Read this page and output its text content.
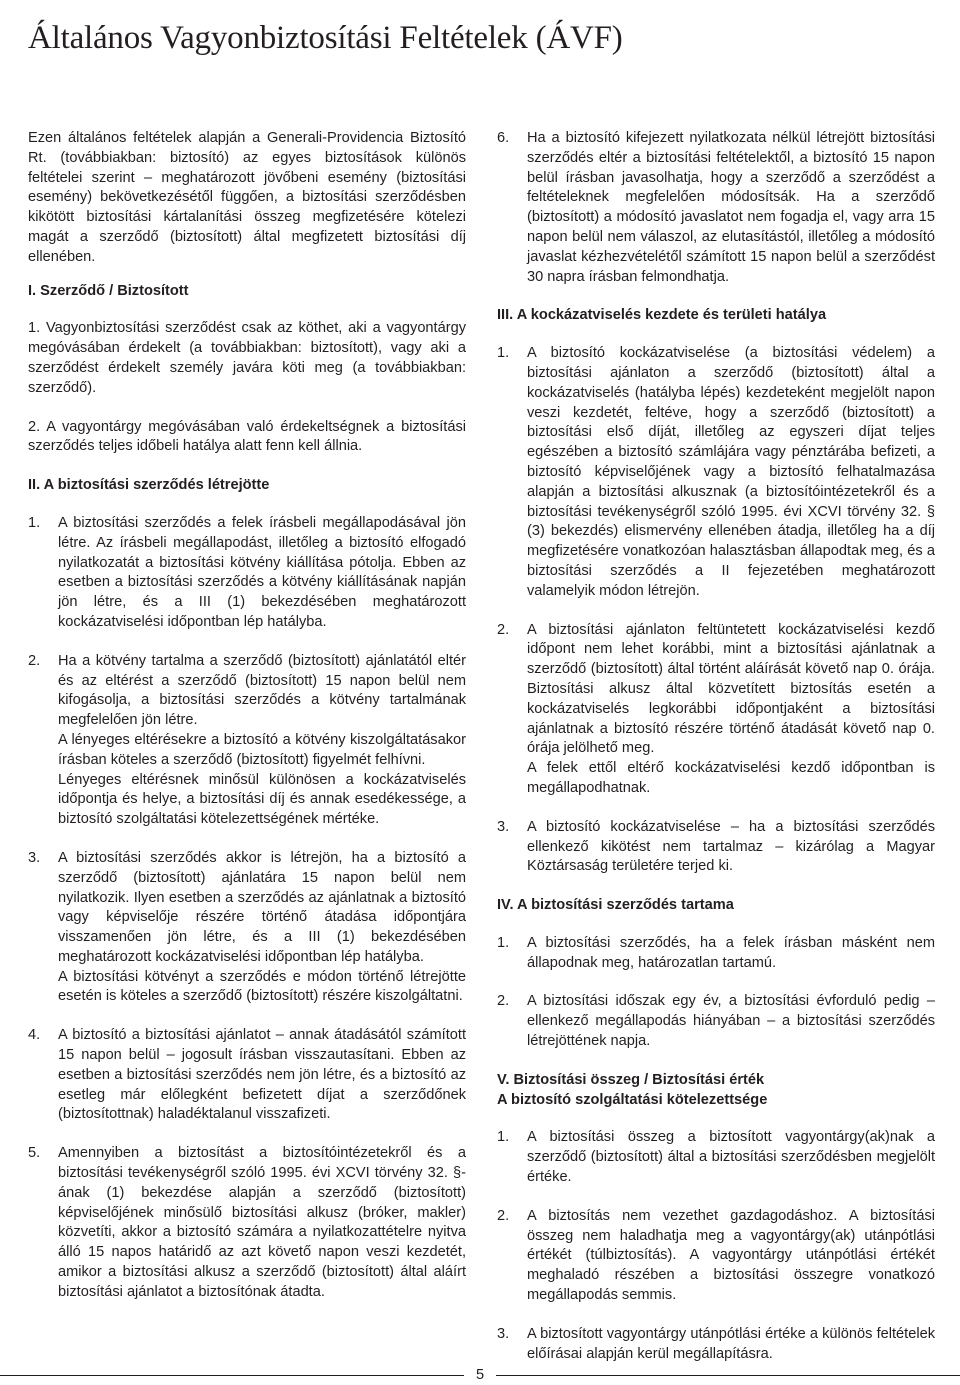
Általános Vagyonbiztosítási Feltételek (ÁVF)

Ezen általános feltételek alapján a Generali-Providencia Biztosító Rt. (továbbiakban: biztosító) az egyes biztosítások különös feltételei szerint – meghatározott jövőbeni esemény (biztosítási esemény) bekövetkezésétől függően, a biztosítási szerződésben kikötött biztosítási kártalanítási összeg megfizetésére kötelezi magát a szerződő (biztosított) által megfizetett biztosítási díj ellenében.

I. Szerződő / Biztosított

1. Vagyonbiztosítási szerződést csak az köthet, aki a vagyontárgy megóvásában érdekelt (a továbbiakban: biztosított), vagy aki a szerződést érdekelt személy javára köti meg (a továbbiakban: szerződő).

2. A vagyontárgy megóvásában való érdekeltségnek a biztosítási szerződés teljes időbeli hatálya alatt fenn kell állnia.

II. A biztosítási szerződés létrejötte
1.	A biztosítási szerződés a felek írásbeli megállapodásával jön létre. Az írásbeli megállapodást, illetőleg a biztosító elfogadó nyilatkozatát a biztosítási kötvény kiállítása pótolja. Ebben az esetben a biztosítási szerződés a kötvény kiállításának napján jön létre, és a III (1) bekezdésében meghatározott kockázatviselési időpontban lép hatályba.

2.	Ha a kötvény tartalma a szerződő (biztosított) ajánlatától eltér és az eltérést a szerződő (biztosított) 15 napon belül nem kifogásolja, a biztosítási szerződés a kötvény tartalmának megfelelően jön létre.

A lényeges eltérésekre a biztosító a kötvény kiszolgáltatásakor írásban köteles a szerződő (biztosított) figyelmét felhívni.

Lényeges eltérésnek minősül különösen a kockázatviselés időpontja és helye, a biztosítási díj és annak esedékessége, a biztosító szolgáltatási kötelezettségének mértéke.

3.	A biztosítási szerződés akkor is létrejön, ha a biztosító a szerződő (biztosított) ajánlatára 15 napon belül nem nyilatkozik. Ilyen esetben a szerződés az ajánlatnak a biztosító vagy képviselője részére történő átadása időpontjára visszamenően jön létre, és a III (1) bekezdésében meghatározott kockázatviselési időpontban lép hatályba.

A biztosítási kötvényt a szerződés e módon történő létrejötte esetén is köteles a szerződő (biztosított) részére kiszolgáltatni.

4.	A biztosító a biztosítási ajánlatot – annak átadásától számított 15 napon belül – jogosult írásban visszautasítani. Ebben az esetben a biztosítási szerződés nem jön létre, és a biztosító az esetleg már előlegként befizetett díjat a szerződőnek (biztosítottnak) haladéktalanul visszafizeti.

5.	Amennyiben a biztosítást a biztosítóintézetekről és a biztosítási tevékenységről szóló 1995. évi XCVI törvény 32. §-ának (1) bekezdése alapján a szerződő (biztosított) képviselőjének minősülő biztosítási alkusz (bróker, makler) közvetíti, akkor a biztosító számára a nyilatkozattételre nyitva álló 15 napos határidő az azt követő napon veszi kezdetét, amikor a biztosítási alkusz a szerződő (biztosított) által aláírt biztosítási ajánlatot a biztosítónak átadta.

6.	Ha a biztosító kifejezett nyilatkozata nélkül létrejött biztosítási szerződés eltér a biztosítási feltételektől, a biztosító 15 napon belül írásban javasolhatja, hogy a szerződő a szerződést a feltételeknek megfelelően módosítsák. Ha a szerződő (biztosított) a módosító javaslatot nem fogadja el, vagy arra 15 napon belül nem válaszol, az elutasítástól, illetőleg a módosító javaslat kézhezvételétől számított 15 napon belül a szerződést 30 napra írásban felmondhatja.

III. A kockázatviselés kezdete és területi hatálya
1.	A biztosító kockázatviselése (a biztosítási védelem) a biztosítási ajánlaton a szerződő (biztosított) által a kockázatviselés (hatályba lépés) kezdeteként megjelölt napon veszi kezdetét, feltéve, hogy a szerződő (biztosított) a biztosítási első díját, illetőleg az egyszeri díjat teljes egészében a biztosító számlájára vagy pénztárába befizeti, a biztosító képviselőjének vagy a biztosító felhatalmazása alapján a biztosítási alkusznak (a biztosítóintézetekről és a biztosítási tevékenységről szóló 1995. évi XCVI törvény 32. § (3) bekezdés) elismervény ellenében átadja, illetőleg ha a díj megfizetésére vonatkozóan halasztásban állapodtak meg, és a biztosítási szerződés a II fejezetében meghatározott valamelyik módon létrejön.

2.	A biztosítási ajánlaton feltüntetett kockázatviselési kezdő időpont nem lehet korábbi, mint a biztosítási ajánlatnak a szerződő (biztosított) által történt aláírását követő nap 0. órája. Biztosítási alkusz által közvetített biztosítás esetén a kockázatviselés legkorábbi időpontjaként a biztosítási ajánlatnak a biztosító részére történő átadását követő nap 0. órája jelölhető meg.

A felek ettől eltérő kockázatviselési kezdő időpontban is megállapodhatnak.

3.	A biztosító kockázatviselése – ha a biztosítási szerződés ellenkező kikötést nem tartalmaz – kizárólag a Magyar Köztársaság területére terjed ki.

IV. A biztosítási szerződés tartama
1.	A biztosítási szerződés, ha a felek írásban másként nem állapodnak meg, határozatlan tartamú.

2.	A biztosítási időszak egy év, a biztosítási évforduló pedig – ellenkező megállapodás hiányában – a biztosítási szerződés létrejöttének napja.

V. Biztosítási összeg / Biztosítási érték
A biztosító szolgáltatási kötelezettsége
1.	A biztosítási összeg a biztosított vagyontárgy(ak)nak a szerződő (biztosított) által a biztosítási szerződésben megjelölt értéke.

2.	A biztosítás nem vezethet gazdagodáshoz. A biztosítási összeg nem haladhatja meg a vagyontárgy(ak) utánpótlási értékét (túlbiztosítás). A vagyontárgy utánpótlási értékét meghaladó részében a biztosítási összegre vonatkozó megállapodás semmis.

3.	A biztosított vagyontárgy utánpótlási értéke a különös feltételek előírásai alapján kerül megállapításra.

5
